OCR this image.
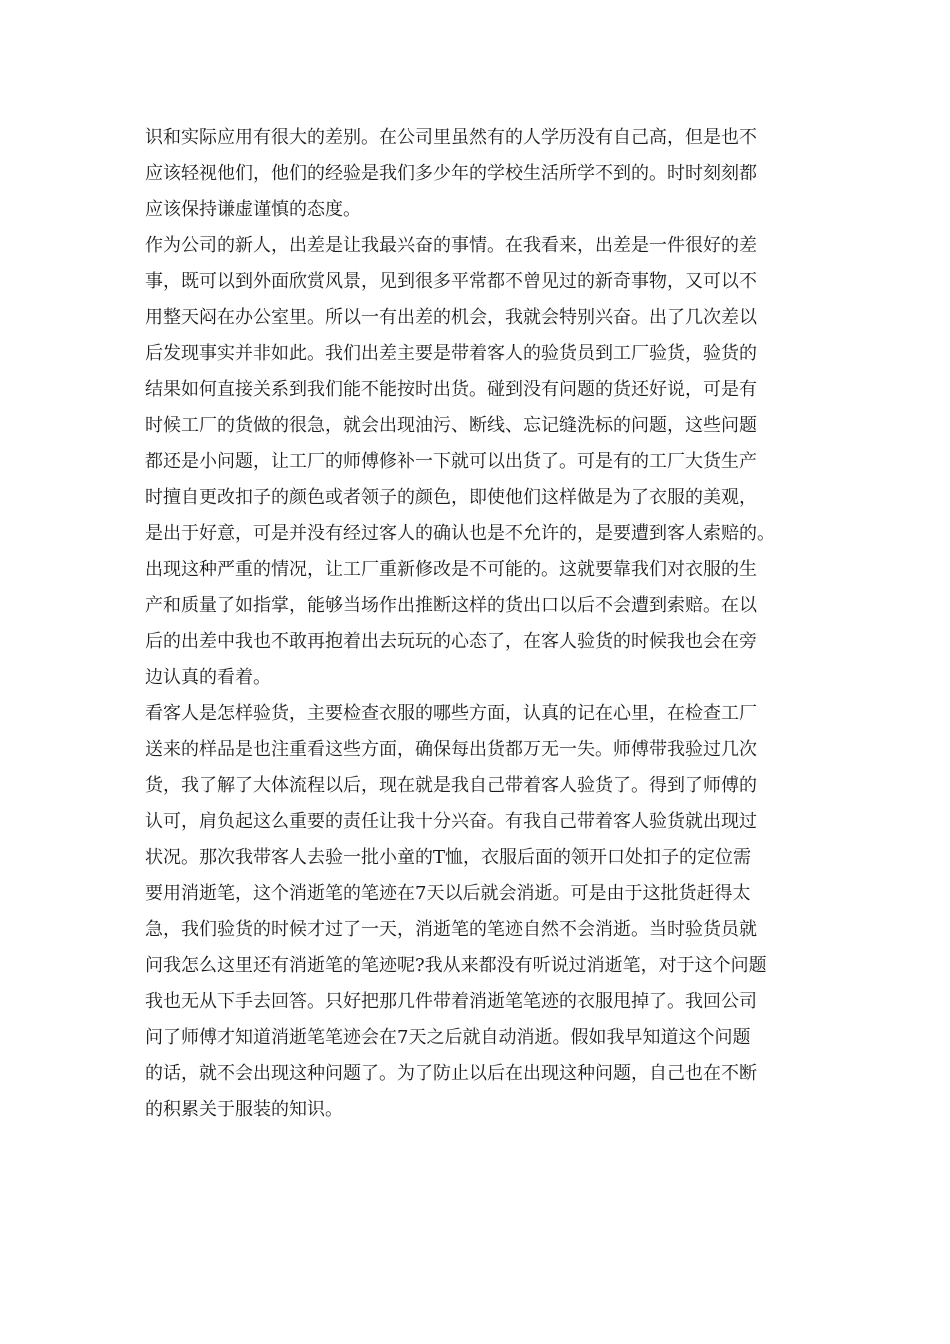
识和实际应用有很大的差别。在公司里虽然有的人学历没有自己高，但是也不
应该轻视他们，他们的经验是我们多少年的学校生活所学不到的。时时刻刻都
应该保持谦虚谨慎的态度。
作为公司的新人，出差是让我最兴奋的事情。在我看来，出差是一件很好的差
事，既可以到外面欣赏风景，见到很多平常都不曾见过的新奇事物，又可以不
用整天闷在办公室里。所以一有出差的机会，我就会特别兴奋。出了几次差以
后发现事实并非如此。我们出差主要是带着客人的验货员到工厂验货，验货的
结果如何直接关系到我们能不能按时出货。碰到没有问题的货还好说，可是有
时候工厂的货做的很急，就会出现油污、断线、忘记缝洗标的问题，这些问题
都还是小问题，让工厂的师傅修补一下就可以出货了。可是有的工厂大货生产
时擅自更改扣子的颜色或者领子的颜色，即使他们这样做是为了衣服的美观，
是出于好意，可是并没有经过客人的确认也是不允许的，是要遭到客人索赔的。
出现这种严重的情况，让工厂重新修改是不可能的。这就要靠我们对衣服的生
产和质量了如指掌，能够当场作出推断这样的货出口以后不会遭到索赔。在以
后的出差中我也不敢再抱着出去玩玩的心态了，在客人验货的时候我也会在旁
边认真的看着。
看客人是怎样验货，主要检查衣服的哪些方面，认真的记在心里，在检查工厂
送来的样品是也注重看这些方面，确保每出货都万无一失。师傅带我验过几次
货，我了解了大体流程以后，现在就是我自己带着客人验货了。得到了师傅的
认可，肩负起这么重要的责任让我十分兴奋。有我自己带着客人验货就出现过
状况。那次我带客人去验一批小童的T恤，衣服后面的领开口处扣子的定位需
要用消逝笔，这个消逝笔的笔迹在7天以后就会消逝。可是由于这批货赶得太
急，我们验货的时候才过了一天，消逝笔的笔迹自然不会消逝。当时验货员就
问我怎么这里还有消逝笔的笔迹呢?我从来都没有听说过消逝笔，对于这个问题
我也无从下手去回答。只好把那几件带着消逝笔笔迹的衣服甩掉了。我回公司
问了师傅才知道消逝笔笔迹会在7天之后就自动消逝。假如我早知道这个问题
的话，就不会出现这种问题了。为了防止以后在出现这种问题，自己也在不断
的积累关于服装的知识。
